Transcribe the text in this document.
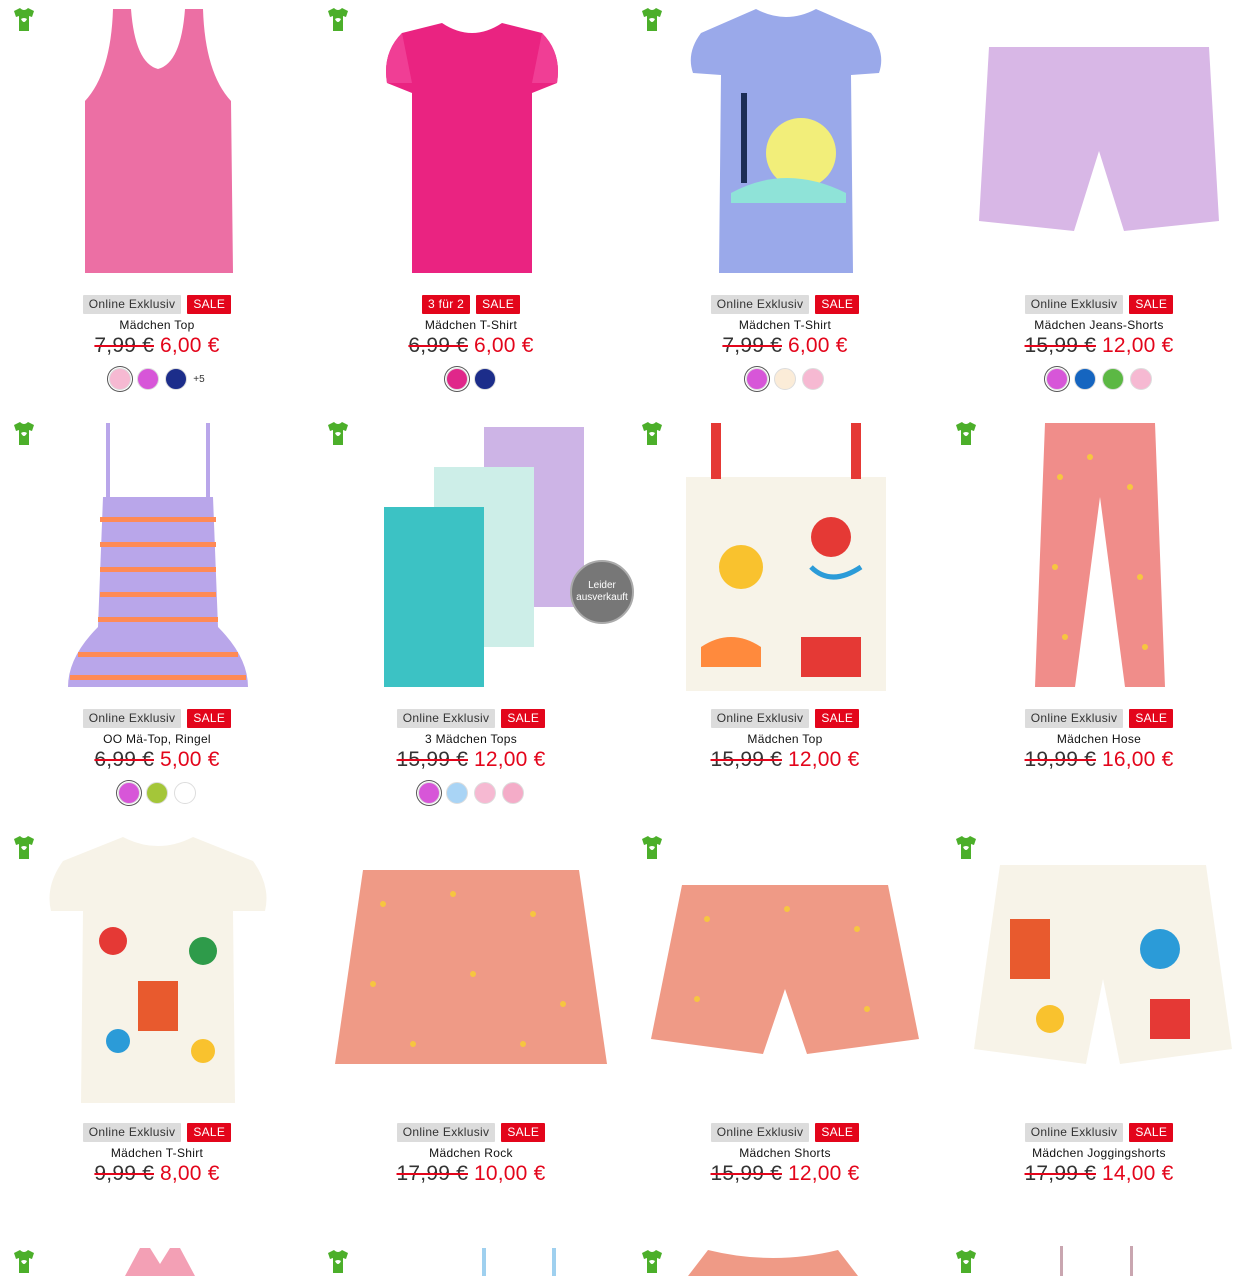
Online Exklusiv	SALE
Mädchen Top
7,99 € 6,00 €
+5
3 für 2	SALE
Mädchen T-Shirt
6,99 € 6,00 €
Online Exklusiv	SALE
Mädchen T-Shirt
7,99 € 6,00 €
Online Exklusiv	SALE
Mädchen Jeans-Shorts
15,99 € 12,00 €
Online Exklusiv	SALE
OO Mä-Top, Ringel
6,99 € 5,00 €
Online Exklusiv	SALE
3 Mädchen Tops
15,99 € 12,00 €
Online Exklusiv	SALE
Mädchen Top
15,99 € 12,00 €
Online Exklusiv	SALE
Mädchen Hose
19,99 € 16,00 €
Online Exklusiv	SALE
Mädchen T-Shirt
9,99 € 8,00 €
Online Exklusiv	SALE
Mädchen Rock
17,99 € 10,00 €
Online Exklusiv	SALE
Mädchen Shorts
15,99 € 12,00 €
Online Exklusiv	SALE
Mädchen Joggingshorts
17,99 € 14,00 €
Leider
ausverkauft
